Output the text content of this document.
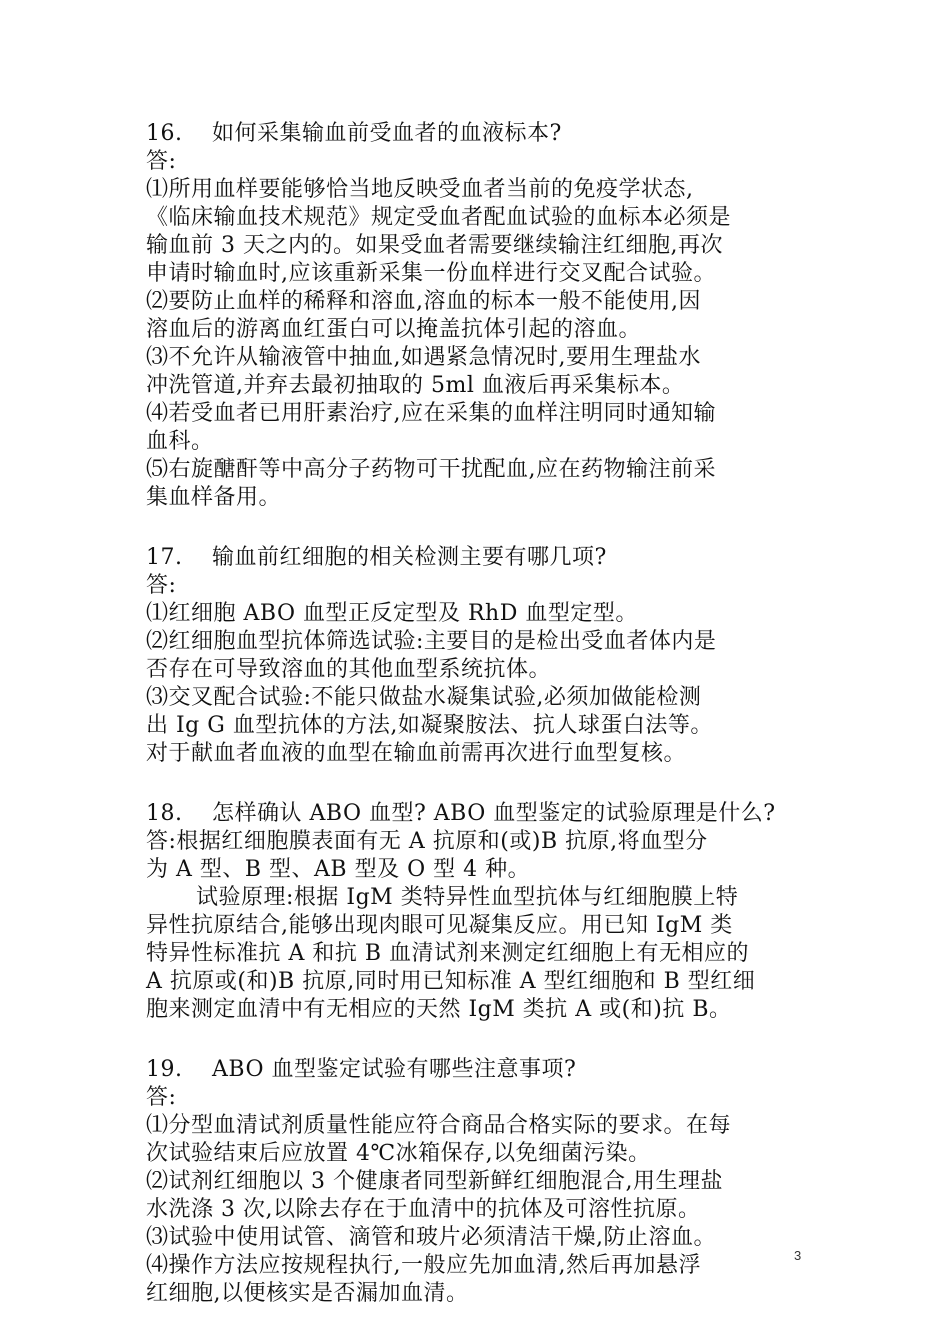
16. 如何采集输血前受血者的血液标本?
答:
⑴所用血样要能够恰当地反映受血者当前的免疫学状态,
《临床输血技术规范》规定受血者配血试验的血标本必须是
输血前 3 天之内的。如果受血者需要继续输注红细胞,再次
申请时输血时,应该重新采集一份血样进行交叉配合试验。
⑵要防止血样的稀释和溶血,溶血的标本一般不能使用,因
溶血后的游离血红蛋白可以掩盖抗体引起的溶血。
⑶不允许从输液管中抽血,如遇紧急情况时,要用生理盐水
冲洗管道,并弃去最初抽取的 5ml 血液后再采集标本。
⑷若受血者已用肝素治疗,应在采集的血样注明同时通知输
血科。
⑸右旋醣酐等中高分子药物可干扰配血,应在药物输注前采
集血样备用。
17. 输血前红细胞的相关检测主要有哪几项?
答:
⑴红细胞 ABO 血型正反定型及 RhD 血型定型。
⑵红细胞血型抗体筛选试验:主要目的是检出受血者体内是
否存在可导致溶血的其他血型系统抗体。
⑶交叉配合试验:不能只做盐水凝集试验,必须加做能检测
出 Ig G 血型抗体的方法,如凝聚胺法、抗人球蛋白法等。
对于献血者血液的血型在输血前需再次进行血型复核。
18. 怎样确认 ABO 血型? ABO 血型鉴定的试验原理是什么?
答:根据红细胞膜表面有无 A 抗原和(或)B 抗原,将血型分
为 A 型、B 型、AB 型及 O 型 4 种。
试验原理:根据 IgM 类特异性血型抗体与红细胞膜上特
异性抗原结合,能够出现肉眼可见凝集反应。用已知 IgM 类
特异性标准抗 A 和抗 B 血清试剂来测定红细胞上有无相应的
A 抗原或(和)B 抗原,同时用已知标准 A 型红细胞和 B 型红细
胞来测定血清中有无相应的天然 IgM 类抗 A 或(和)抗 B。
19. ABO 血型鉴定试验有哪些注意事项?
答:
⑴分型血清试剂质量性能应符合商品合格实际的要求。在每
次试验结束后应放置 4℃冰箱保存,以免细菌污染。
⑵试剂红细胞以 3 个健康者同型新鲜红细胞混合,用生理盐
水洗涤 3 次,以除去存在于血清中的抗体及可溶性抗原。
⑶试验中使用试管、滴管和玻片必须清洁干燥,防止溶血。
⑷操作方法应按规程执行,一般应先加血清,然后再加悬浮
红细胞,以便核实是否漏加血清。
3
